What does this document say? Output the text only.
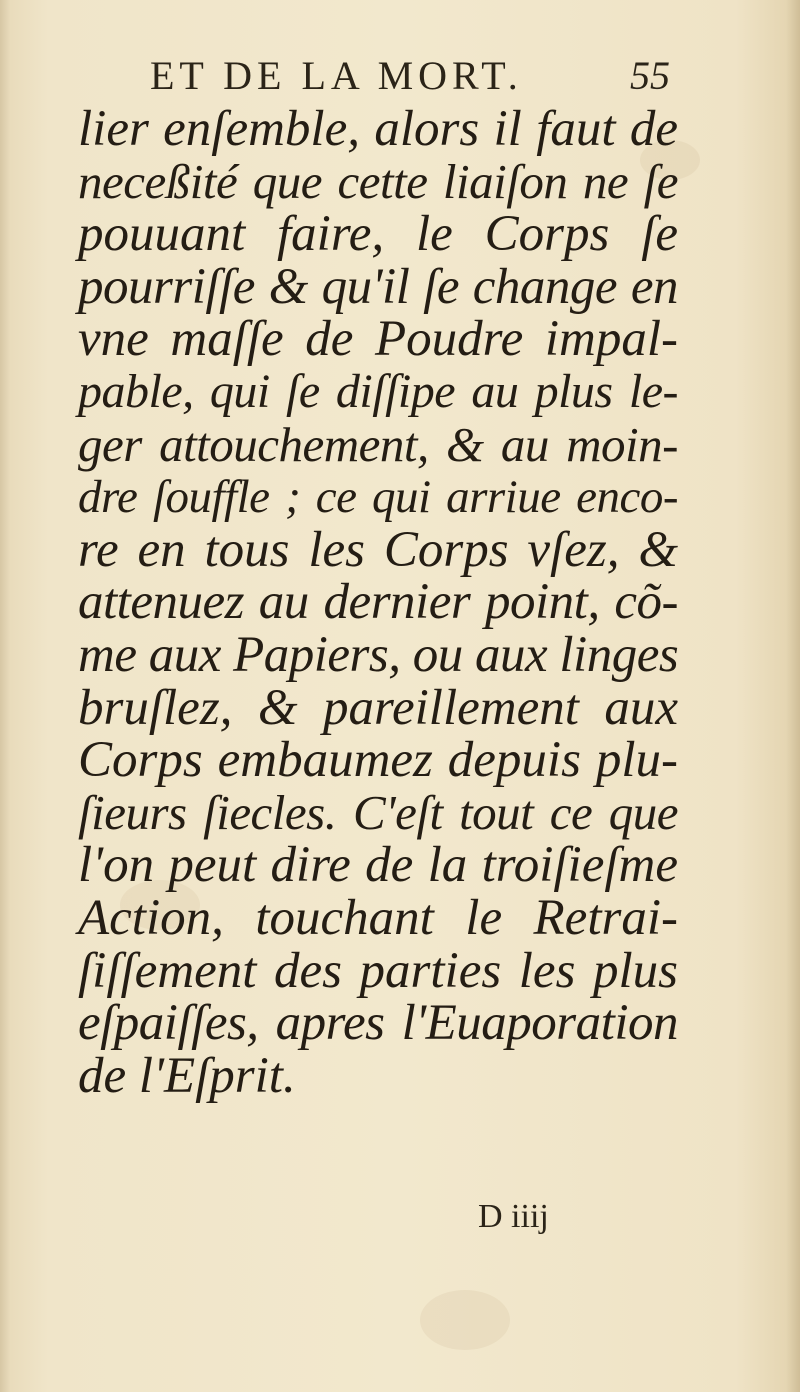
ET DE LA MORT.	55
lier enſemble, alors il faut de
neceßité que cette liaiſon ne ſe
pouuant faire, le Corps ſe
pourriſſe & qu'il ſe change en
vne maſſe de Poudre impal-
pable, qui ſe diſſipe au plus le-
ger attouchement, & au moin-
dre ſouffle ; ce qui arriue enco-
re en tous les Corps vſez, &
attenuez au dernier point, cõ-
me aux Papiers, ou aux linges
bruſlez, & pareillement aux
Corps embaumez depuis plu-
ſieurs ſiecles. C'eſt tout ce que
l'on peut dire de la troiſieſme
Action, touchant le Retrai-
ſiſſement des parties les plus
eſpaiſſes, apres l'Euaporation
de l'Eſprit.
D iiij
